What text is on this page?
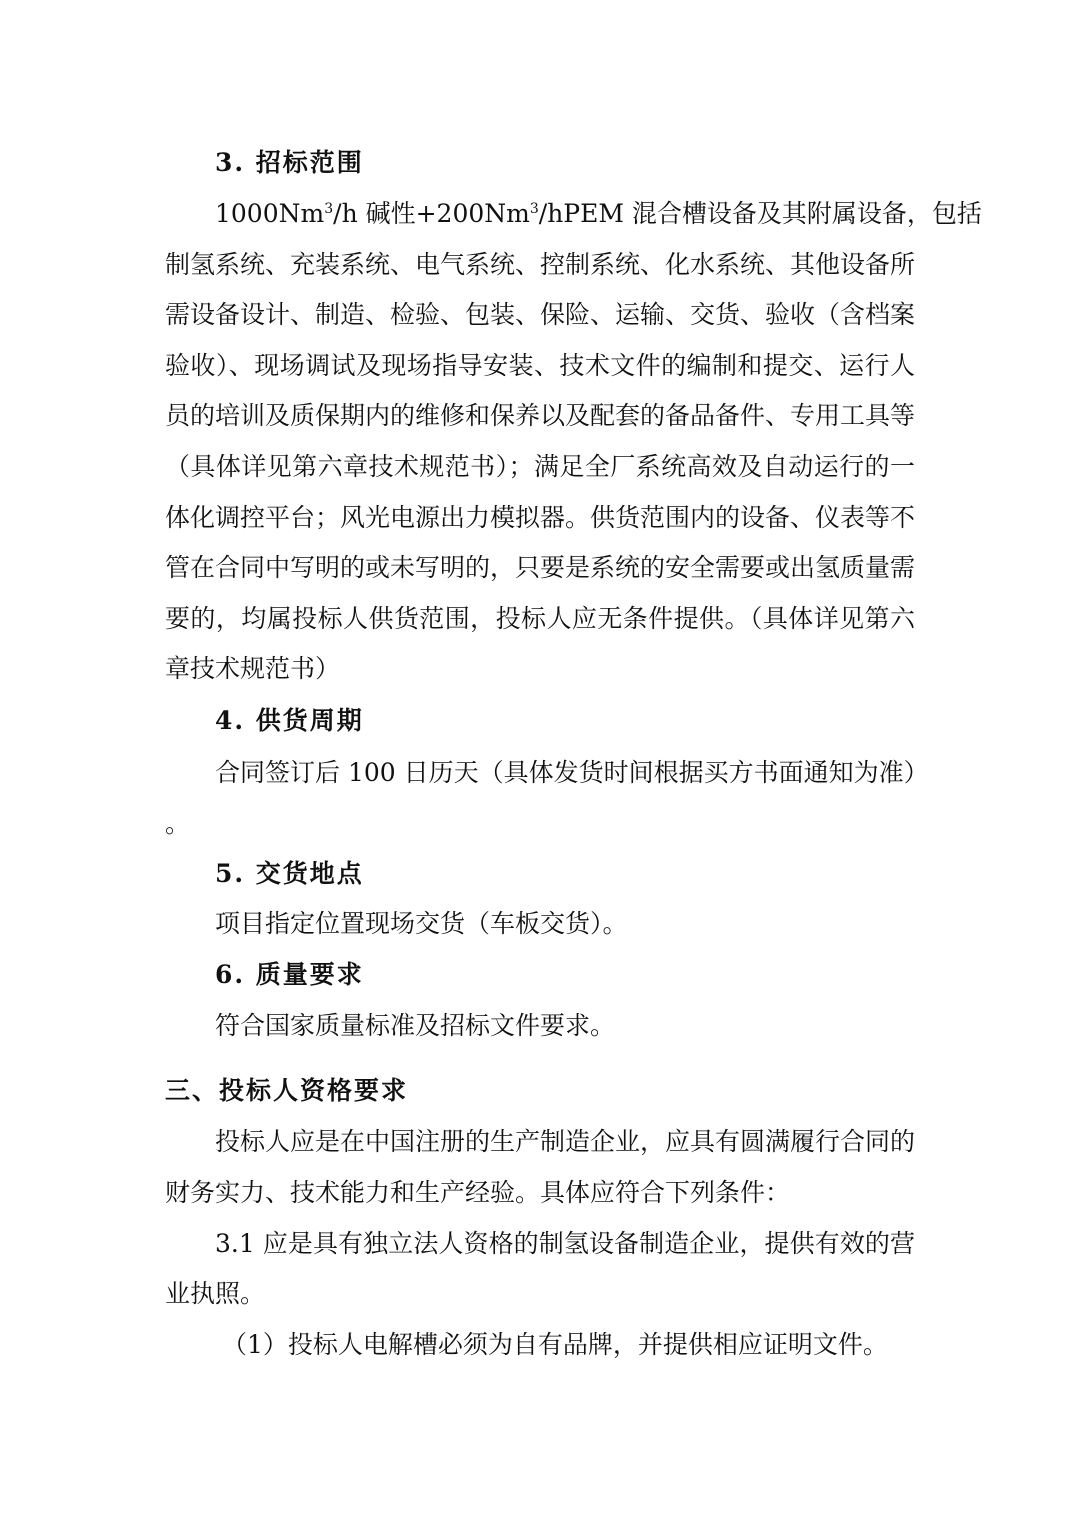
3. 招标范围
1000Nm$^3$/h 碱性$+200Nm^3$/hPEM 混合槽设备及其附属设备，包括
制氢系统、充装系统、电气系统、控制系统、化水系统、其他设备所
需设备设计、制造、检验、包装、保险、运输、交货、验收（含档案
验收）、现场调试及现场指导安装、技术文件的编制和提交、运行人
员的培训及质保期内的维修和保养以及配套的备品备件、专用工具等
（具体详见第六章技术规范书）；满足全厂系统高效及自动运行的一
体化调控平台；风光电源出力模拟器。供货范围内的设备、仪表等不
管在合同中写明的或未写明的，只要是系统的安全需要或出氢质量需
要的，均属投标人供货范围，投标人应无条件提供。（具体详见第六
章技术规范书）
4. 供货周期
合同签订后 100 日历天（具体发货时间根据买方书面通知为准）
。
5. 交货地点
项目指定位置现场交货（车板交货）。
6. 质量要求
符合国家质量标准及招标文件要求。
三、投标人资格要求
投标人应是在中国注册的生产制造企业，应具有圆满履行合同的
财务实力、技术能力和生产经验。具体应符合下列条件：
3.1 应是具有独立法人资格的制氢设备制造企业，提供有效的营
业执照。
（1）投标人电解槽必须为自有品牌，并提供相应证明文件。
